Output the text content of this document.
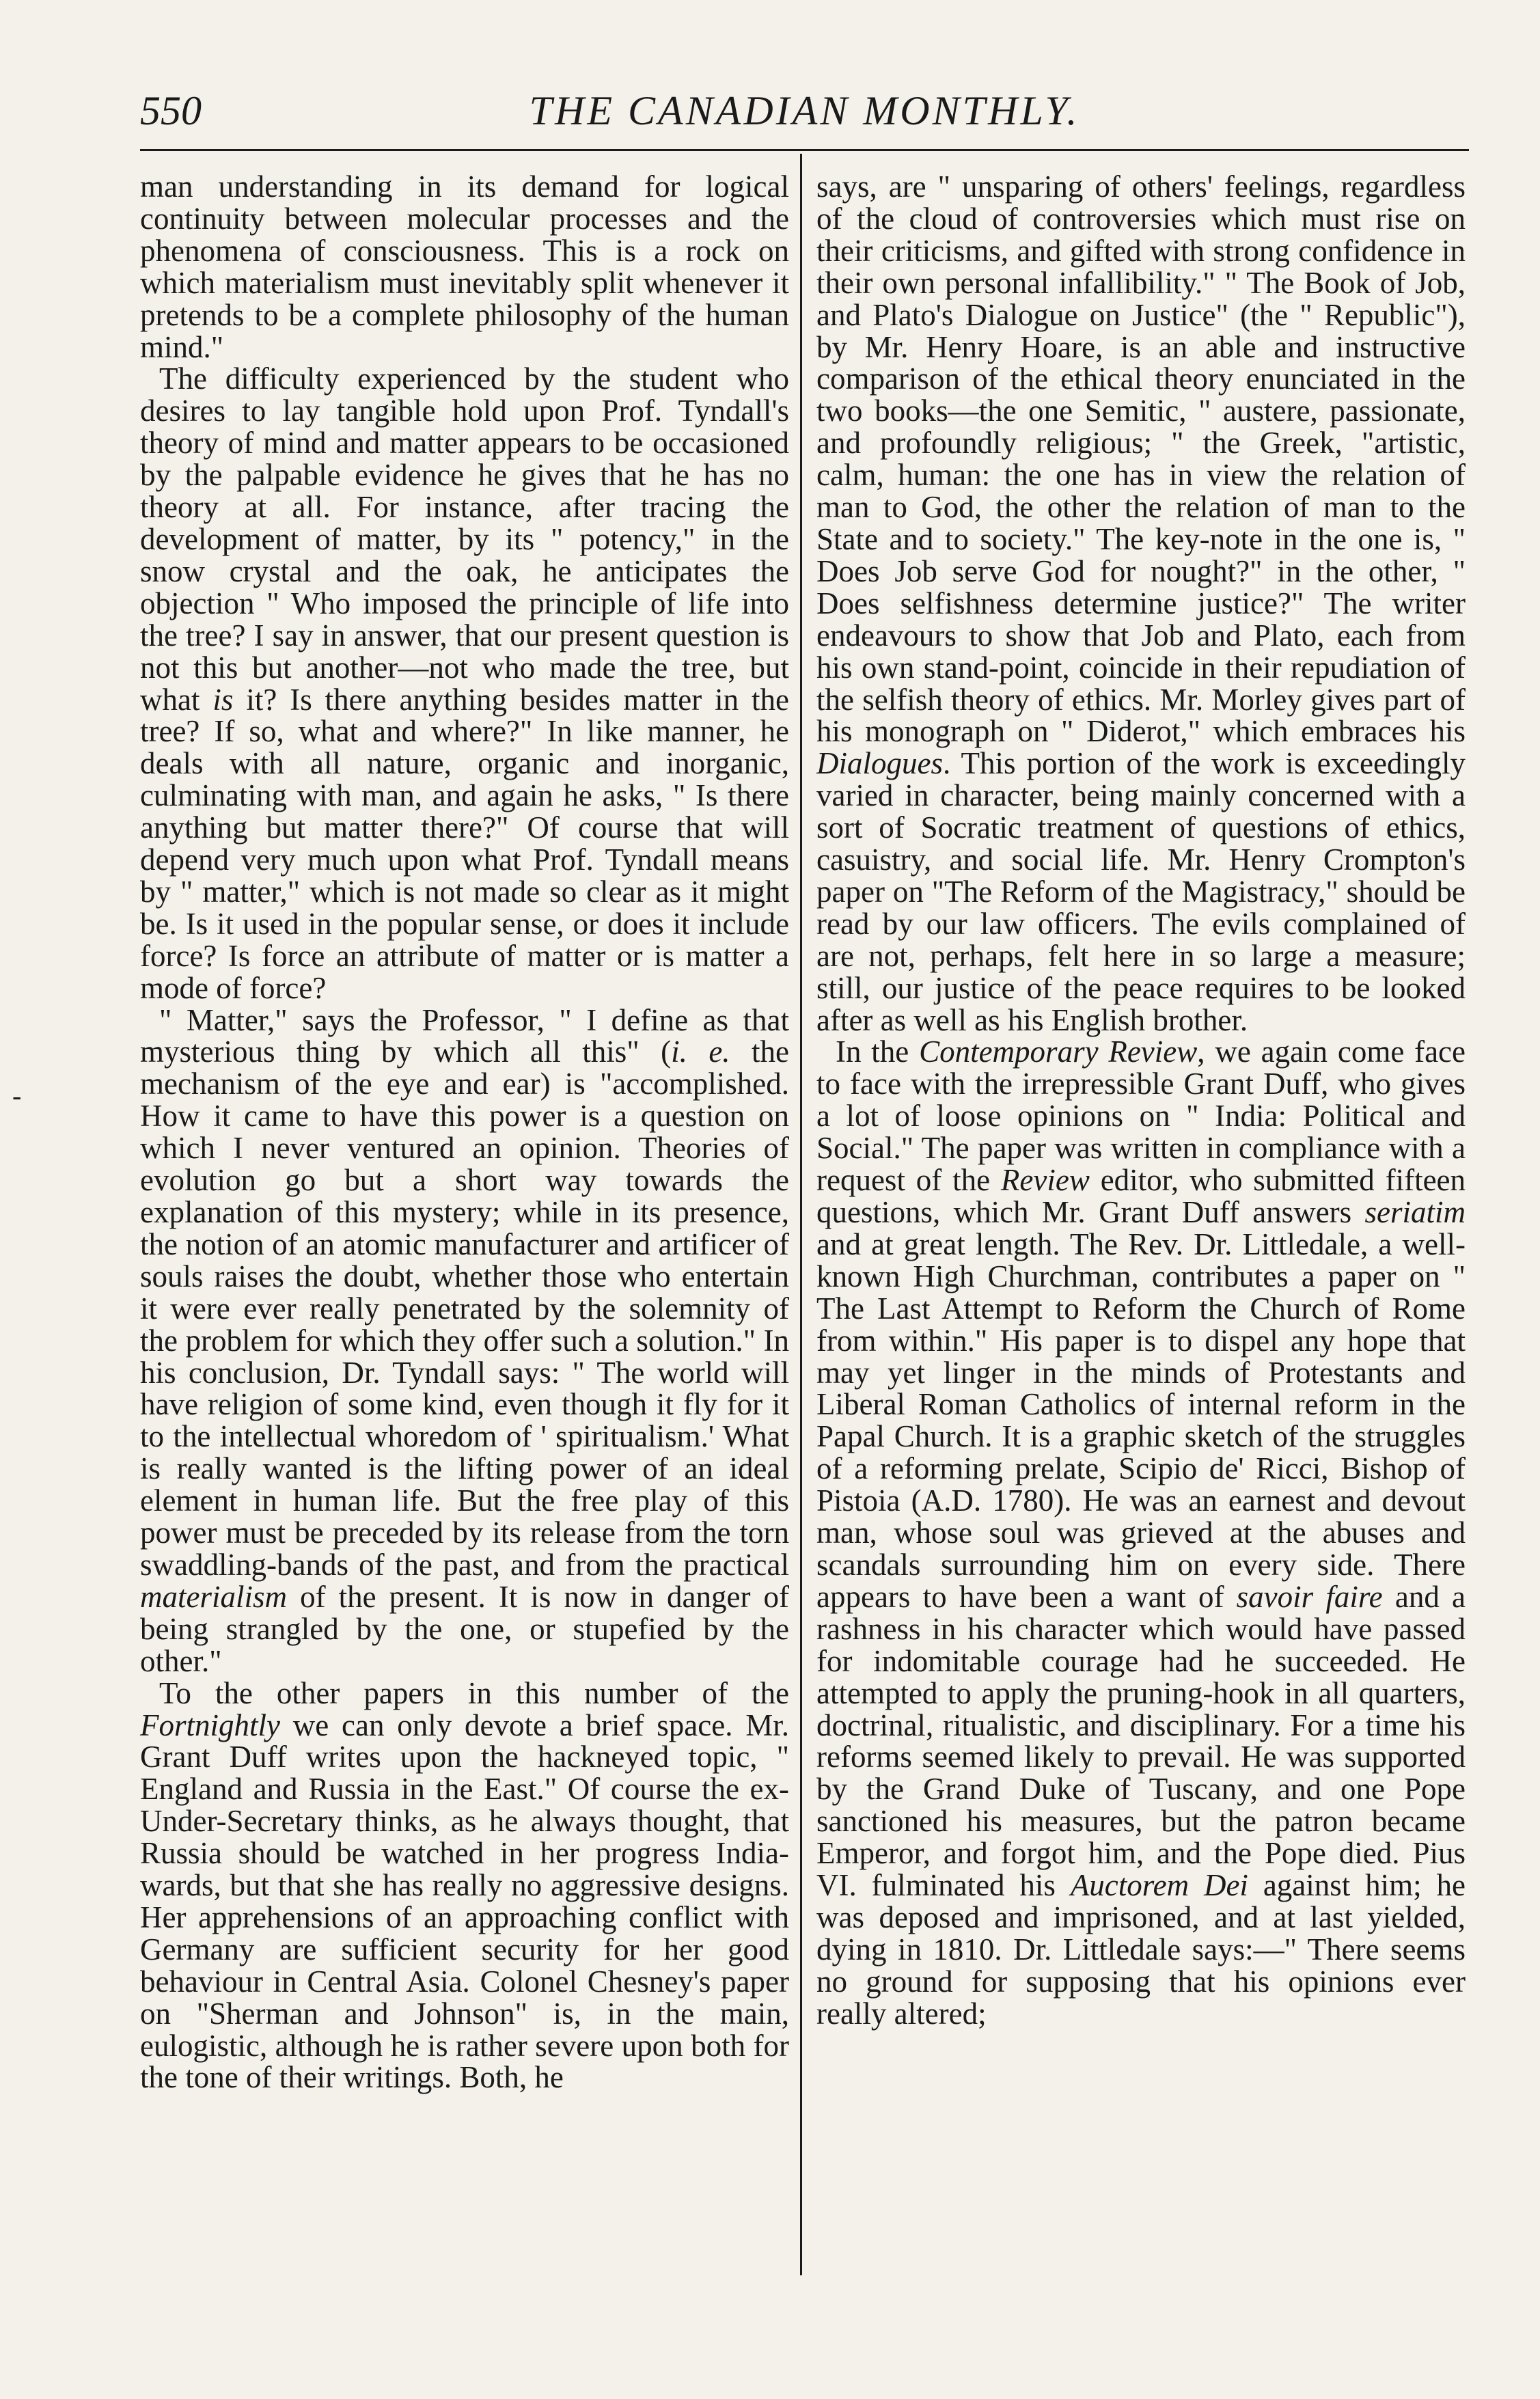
550	THE CANADIAN MONTHLY.
-

man understanding in its demand for logical continuity between molecular processes and the phenomena of consciousness. This is a rock on which materialism must inevitably split whenever it pretends to be a complete philosophy of the human mind."

The difficulty experienced by the student who desires to lay tangible hold upon Prof. Tyndall's theory of mind and matter appears to be occasioned by the palpable evidence he gives that he has no theory at all. For instance, after tracing the development of matter, by its " potency," in the snow crystal and the oak, he anticipates the objection " Who imposed the principle of life into the tree? I say in answer, that our present question is not this but another—not who made the tree, but what is it? Is there anything besides matter in the tree? If so, what and where?" In like manner, he deals with all nature, organic and inorganic, culminating with man, and again he asks, " Is there anything but matter there?" Of course that will depend very much upon what Prof. Tyndall means by " matter," which is not made so clear as it might be. Is it used in the popular sense, or does it include force? Is force an attribute of matter or is matter a mode of force?

" Matter," says the Professor, " I define as that mysterious thing by which all this" (i. e. the mechanism of the eye and ear) is "accomplished. How it came to have this power is a question on which I never ventured an opinion. Theories of evolution go but a short way towards the explanation of this mystery; while in its presence, the notion of an atomic manufacturer and artificer of souls raises the doubt, whether those who entertain it were ever really penetrated by the solemnity of the problem for which they offer such a solution." In his conclusion, Dr. Tyndall says: " The world will have religion of some kind, even though it fly for it to the intellectual whoredom of ' spiritualism.' What is really wanted is the lifting power of an ideal element in human life. But the free play of this power must be preceded by its release from the torn swaddling-bands of the past, and from the practical materialism of the present. It is now in danger of being strangled by the one, or stupefied by the other."

To the other papers in this number of the Fortnightly we can only devote a brief space. Mr. Grant Duff writes upon the hackneyed topic, " England and Russia in the East." Of course the ex-Under-Secretary thinks, as he always thought, that Russia should be watched in her progress India-wards, but that she has really no aggressive designs. Her apprehensions of an approaching conflict with Germany are sufficient security for her good behaviour in Central Asia. Colonel Chesney's paper on "Sherman and Johnson" is, in the main, eulogistic, although he is rather severe upon both for the tone of their writings. Both, he

says, are " unsparing of others' feelings, regardless of the cloud of controversies which must rise on their criticisms, and gifted with strong confidence in their own personal infallibility." " The Book of Job, and Plato's Dialogue on Justice" (the " Republic"), by Mr. Henry Hoare, is an able and instructive comparison of the ethical theory enunciated in the two books—the one Semitic, " austere, passionate, and profoundly religious; " the Greek, "artistic, calm, human: the one has in view the relation of man to God, the other the relation of man to the State and to society." The key-note in the one is, " Does Job serve God for nought?" in the other, " Does selfishness determine justice?" The writer endeavours to show that Job and Plato, each from his own stand-point, coincide in their repudiation of the selfish theory of ethics. Mr. Morley gives part of his monograph on " Diderot," which embraces his Dialogues. This portion of the work is exceedingly varied in character, being mainly concerned with a sort of Socratic treatment of questions of ethics, casuistry, and social life. Mr. Henry Crompton's paper on "The Reform of the Magistracy," should be read by our law officers. The evils complained of are not, perhaps, felt here in so large a measure; still, our justice of the peace requires to be looked after as well as his English brother.

In the Contemporary Review, we again come face to face with the irrepressible Grant Duff, who gives a lot of loose opinions on " India: Political and Social." The paper was written in compliance with a request of the Review editor, who submitted fifteen questions, which Mr. Grant Duff answers seriatim and at great length. The Rev. Dr. Littledale, a well-known High Churchman, contributes a paper on " The Last Attempt to Reform the Church of Rome from within." His paper is to dispel any hope that may yet linger in the minds of Protestants and Liberal Roman Catholics of internal reform in the Papal Church. It is a graphic sketch of the struggles of a reforming prelate, Scipio de' Ricci, Bishop of Pistoia (A.D. 1780). He was an earnest and devout man, whose soul was grieved at the abuses and scandals surrounding him on every side. There appears to have been a want of savoir faire and a rashness in his character which would have passed for indomitable courage had he succeeded. He attempted to apply the pruning-hook in all quarters, doctrinal, ritualistic, and disciplinary. For a time his reforms seemed likely to prevail. He was supported by the Grand Duke of Tuscany, and one Pope sanctioned his measures, but the patron became Emperor, and forgot him, and the Pope died. Pius VI. fulminated his Auctorem Dei against him; he was deposed and imprisoned, and at last yielded, dying in 1810. Dr. Littledale says:—" There seems no ground for supposing that his opinions ever really altered;
